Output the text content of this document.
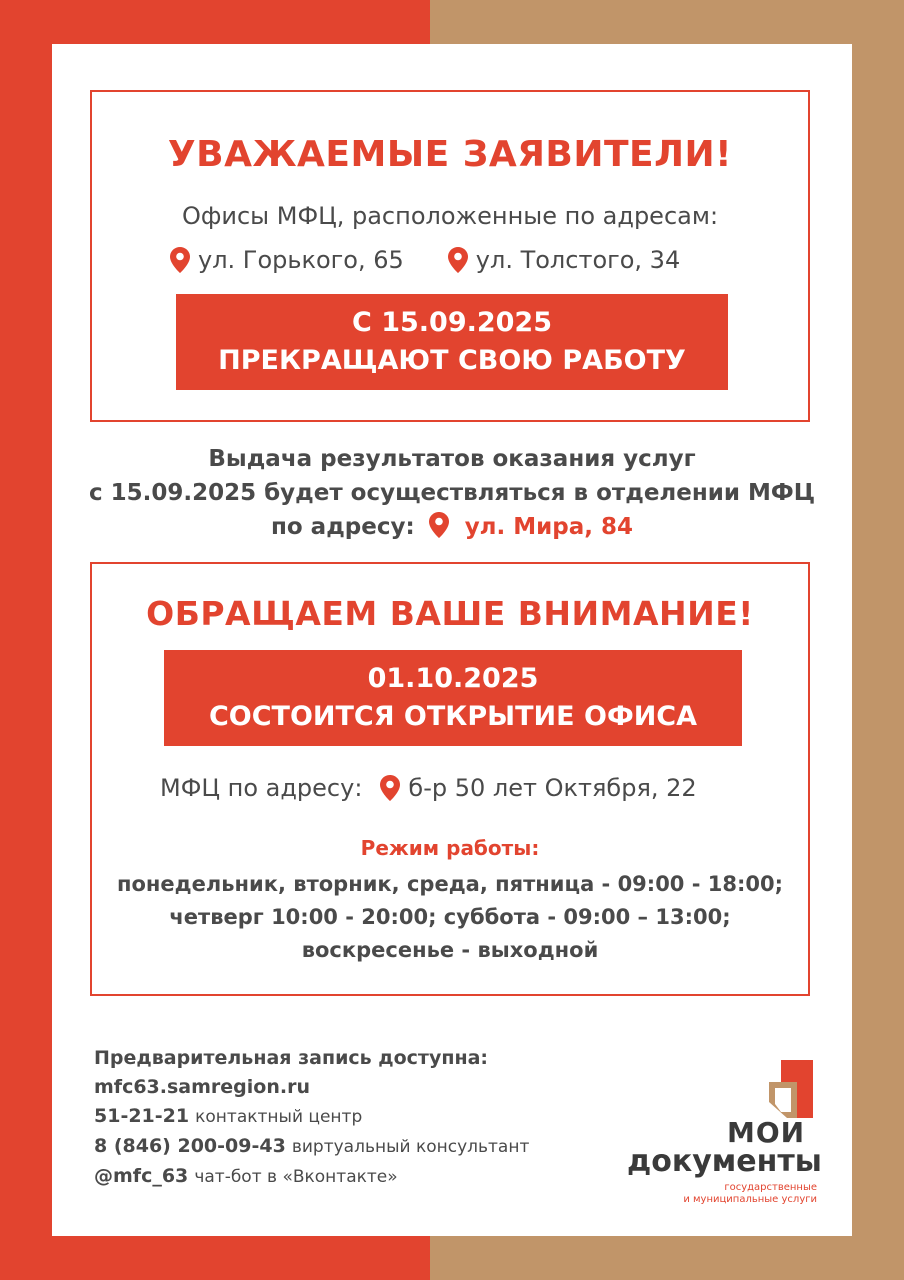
УВАЖАЕМЫЕ ЗАЯВИТЕЛИ!
Офисы МФЦ, расположенные по адресам:
ул. Горького, 65	ул. Толстого, 34
С 15.09.2025
ПРЕКРАЩАЮТ СВОЮ РАБОТУ
Выдача результатов оказания услуг
с 15.09.2025 будет осуществляться в отделении МФЦ
по адресу: ул. Мира, 84
ОБРАЩАЕМ ВАШЕ ВНИМАНИЕ!
01.10.2025
СОСТОИТСЯ ОТКРЫТИЕ ОФИСА
МФЦ по адресу: б-р 50 лет Октября, 22
Режим работы:
понедельник, вторник, среда, пятница - 09:00 - 18:00;
четверг 10:00 - 20:00; суббота - 09:00 – 13:00;
воскресенье - выходной
Предварительная запись доступна:
mfc63.samregion.ru
51-21-21 контактный центр
8 (846) 200-09-43 виртуальный консультант
@mfc_63 чат-бот в «Вконтакте»
МОИ
документы
государственные
и муниципальные услуги
